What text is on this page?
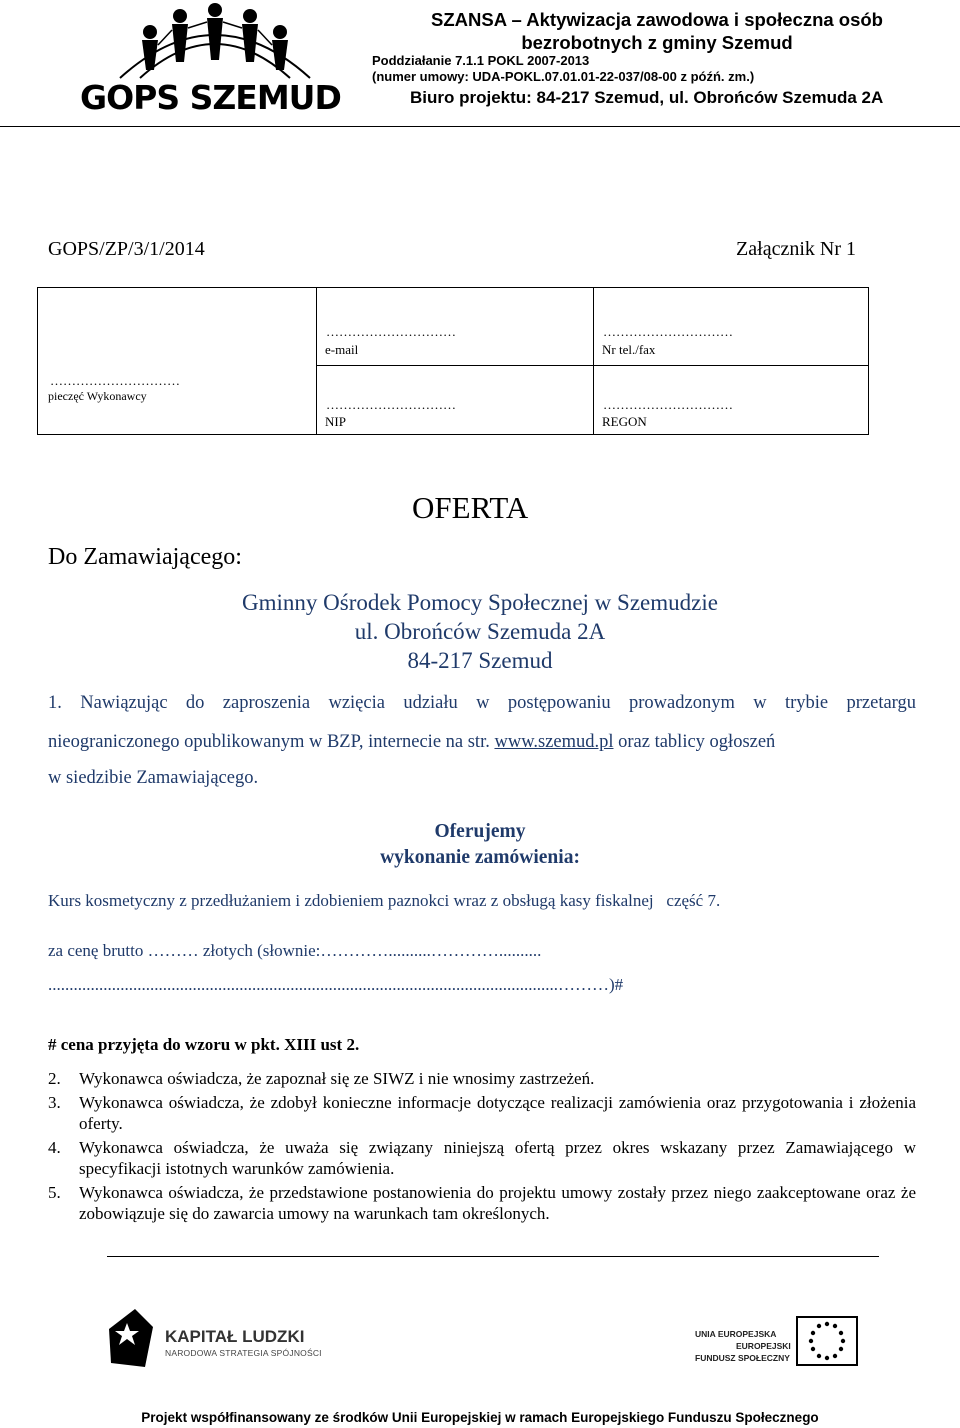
GOPS SZEMUD
SZANSA – Aktywizacja zawodowa i społeczna osób
bezrobotnych z gminy Szemud
Poddziałanie 7.1.1 POKL 2007-2013
(numer umowy: UDA-POKL.07.01.01-22-037/08-00 z późń. zm.)
Biuro projektu: 84-217 Szemud, ul. Obrońców Szemuda 2A
GOPS/ZP/3/1/2014	Załącznik Nr 1
…………………………
pieczęć Wykonawcy
…………………………
e-mail
…………………………
Nr tel./fax
…………………………
NIP
…………………………
REGON
OFERTA
Do Zamawiającego:
Gminny Ośrodek Pomocy Społecznej w Szemudzie
ul. Obrońców Szemuda 2A
84-217 Szemud
1. Nawiązując do zaproszenia wzięcia udziału w postępowaniu prowadzonym w trybie przetargu
nieograniczonego opublikowanym w BZP, internecie na str. www.szemud.pl oraz tablicy ogłoszeń
w siedzibie Zamawiającego.
Oferujemy
wykonanie zamówienia:
Kurs kosmetyczny z przedłużaniem i zdobieniem paznokci wraz z obsługą kasy fiskalnej   część 7.
za cenę brutto ……… złotych (słownie:…………..........…………..........
........................................................................................................................………)#
# cena przyjęta do wzoru w pkt. XIII ust 2.
2. Wykonawca oświadcza, że zapoznał się ze SIWZ i nie wnosimy zastrzeżeń.
3. Wykonawca oświadcza, że zdobył konieczne informacje dotyczące realizacji zamówienia oraz przygotowania i złożenia oferty.
4. Wykonawca oświadcza, że uważa się związany niniejszą ofertą przez okres wskazany przez Zamawiającego w specyfikacji istotnych warunków zamówienia.
5. Wykonawca oświadcza, że przedstawione postanowienia do projektu umowy zostały przez niego zaakceptowane oraz że zobowiązuje się do zawarcia umowy na warunkach tam określonych.
KAPITAŁ LUDZKI
NARODOWA STRATEGIA SPÓJNOŚCI
UNIA EUROPEJSKA
EUROPEJSKI
FUNDUSZ SPOŁECZNY
Projekt współfinansowany ze środków Unii Europejskiej w ramach Europejskiego Funduszu Społecznego
